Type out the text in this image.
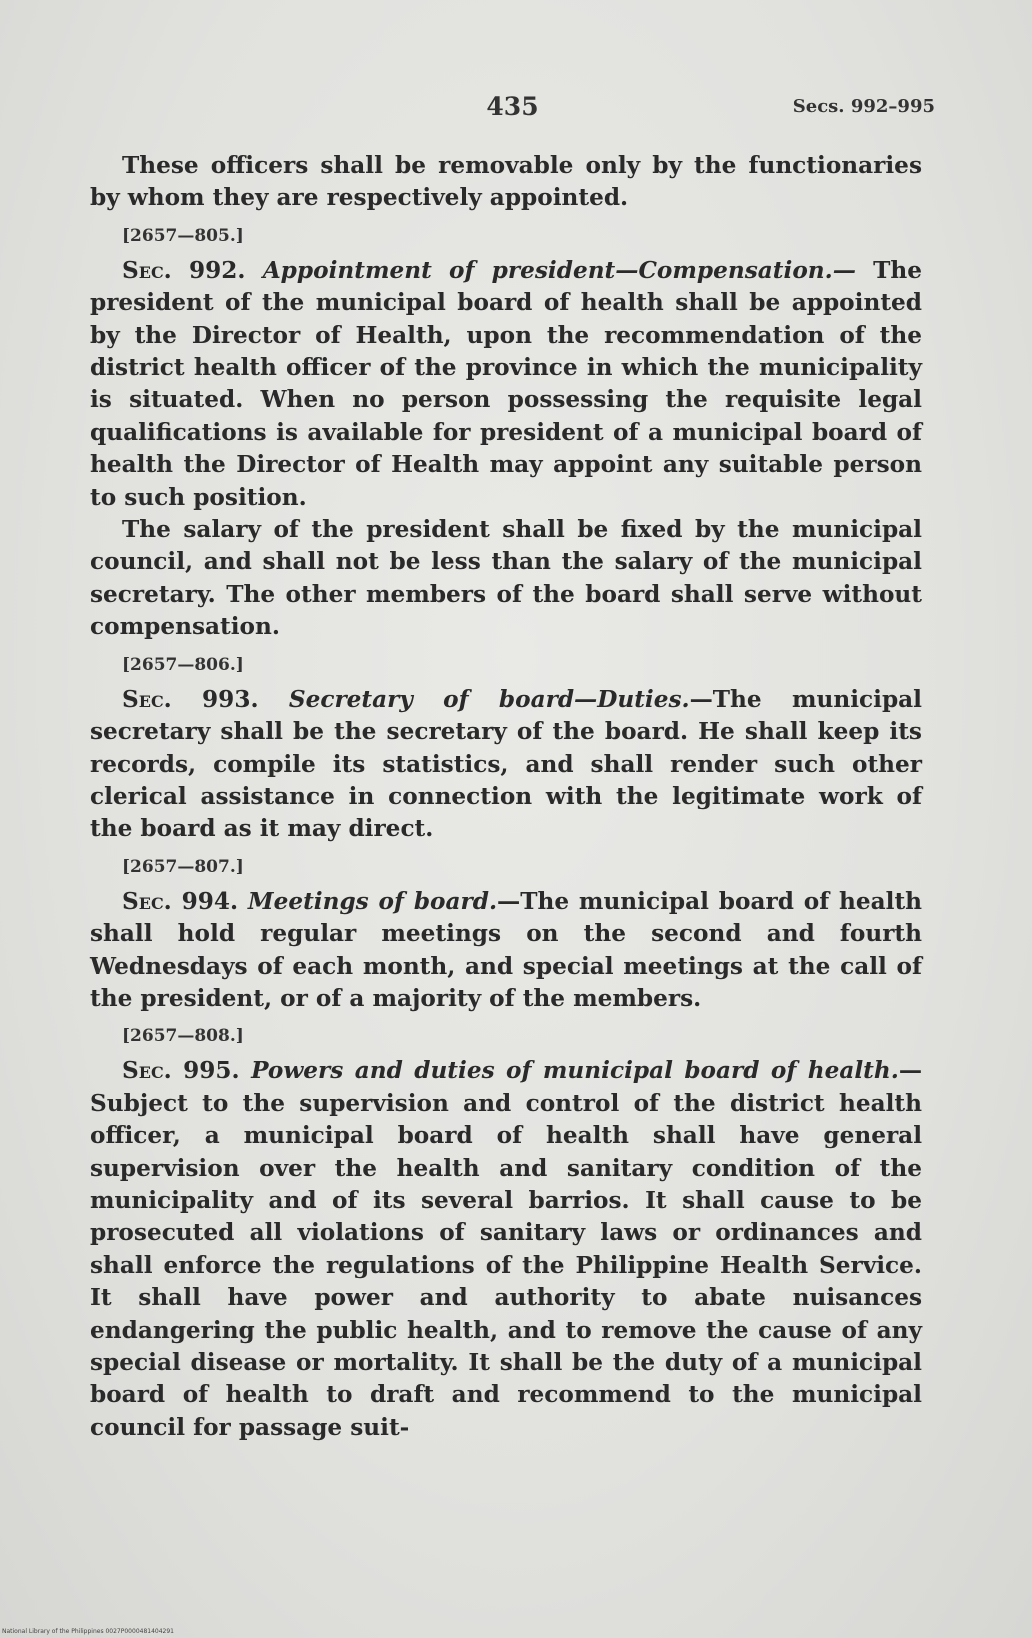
435	Secs. 992–995

These officers shall be removable only by the functionaries by whom they are respectively appointed.

[2657—805.]

Sec. 992. Appointment of president—Compensation.— The president of the municipal board of health shall be appointed by the Director of Health, upon the recommendation of the district health officer of the province in which the municipality is situated. When no person possessing the requisite legal qualifications is available for president of a municipal board of health the Director of Health may appoint any suitable person to such position.

The salary of the president shall be fixed by the municipal council, and shall not be less than the salary of the municipal secretary. The other members of the board shall serve without compensation.

[2657—806.]

Sec. 993. Secretary of board—Duties.—The municipal secretary shall be the secretary of the board. He shall keep its records, compile its statistics, and shall render such other clerical assistance in connection with the legitimate work of the board as it may direct.

[2657—807.]

Sec. 994. Meetings of board.—The municipal board of health shall hold regular meetings on the second and fourth Wednesdays of each month, and special meetings at the call of the president, or of a majority of the members.

[2657—808.]

Sec. 995. Powers and duties of municipal board of health.—Subject to the supervision and control of the district health officer, a municipal board of health shall have general supervision over the health and sanitary condition of the municipality and of its several barrios. It shall cause to be prosecuted all violations of sanitary laws or ordinances and shall enforce the regulations of the Philippine Health Service. It shall have power and authority to abate nuisances endangering the public health, and to remove the cause of any special disease or mortality. It shall be the duty of a municipal board of health to draft and recommend to the municipal council for passage suit-

National Library of the Philippines 0027P0000481404291
